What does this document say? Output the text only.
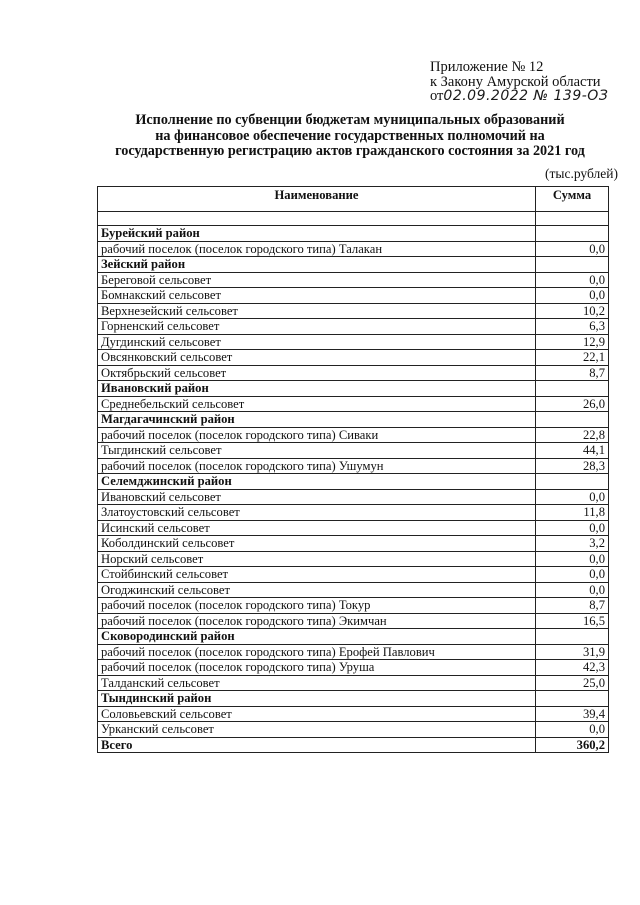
Приложение № 12
к Закону Амурской области
от02.09.2022 № 139-ОЗ
Исполнение по субвенции бюджетам муниципальных образований
на финансовое обеспечение государственных полномочий на
государственную регистрацию актов гражданского состояния за 2021 год
(тыс.рублей)
Наименование	Сумма

Бурейский район	
рабочий поселок (поселок городского типа) Талакан	0,0
Зейский район	
Береговой сельсовет	0,0
Бомнакский сельсовет	0,0
Верхнезейский сельсовет	10,2
Горненский сельсовет	6,3
Дугдинский сельсовет	12,9
Овсянковский сельсовет	22,1
Октябрьский сельсовет	8,7
Ивановский район	
Среднебельский сельсовет	26,0
Магдагачинский район	
рабочий поселок (поселок городского типа) Сиваки	22,8
Тыгдинский сельсовет	44,1
рабочий поселок (поселок городского типа) Ушумун	28,3
Селемджинский район	
Ивановский сельсовет	0,0
Златоустовский сельсовет	11,8
Исинский сельсовет	0,0
Коболдинский сельсовет	3,2
Норский сельсовет	0,0
Стойбинский сельсовет	0,0
Огоджинский сельсовет	0,0
рабочий поселок (поселок городского типа) Токур	8,7
рабочий поселок (поселок городского типа) Экимчан	16,5
Сковородинский район	
рабочий поселок (поселок городского типа) Ерофей Павлович	31,9
рабочий поселок (поселок городского типа) Уруша	42,3
Талданский сельсовет	25,0
Тындинский район	
Соловьевский сельсовет	39,4
Урканский сельсовет	0,0
Всего	360,2
